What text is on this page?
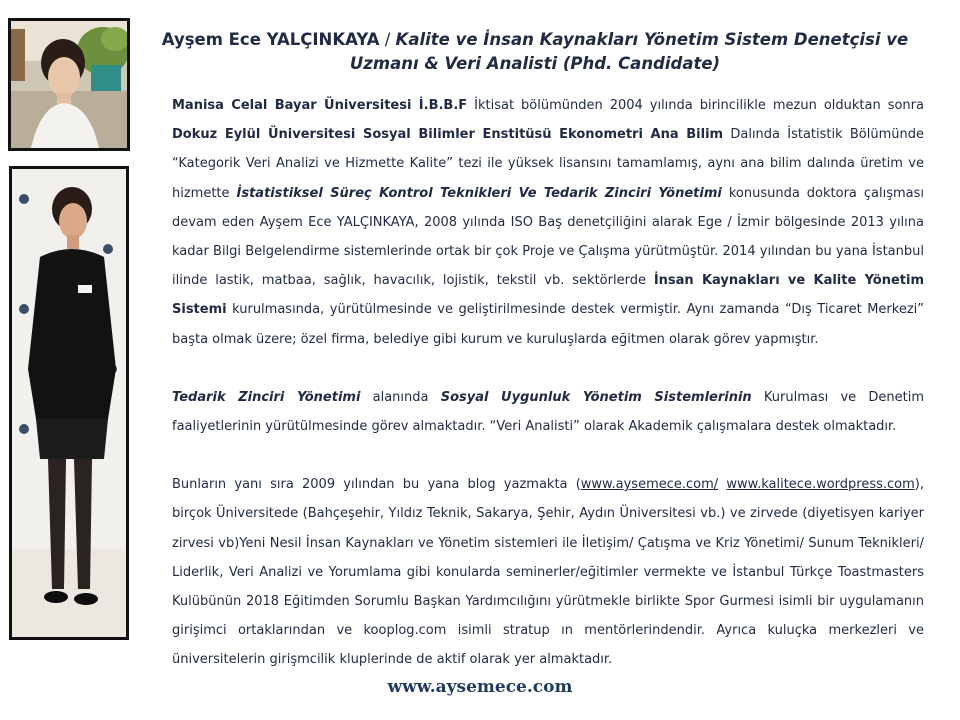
Ayşem Ece YALÇINKAYA / Kalite ve İnsan Kaynakları Yönetim Sistem Denetçisi ve Uzmanı & Veri Analisti (Phd. Candidate)

Manisa Celal Bayar Üniversitesi İ.B.B.F İktisat bölümünden 2004 yılında birincilikle mezun olduktan sonra Dokuz Eylül Üniversitesi Sosyal Bilimler Enstitüsü Ekonometri Ana Bilim Dalında İstatistik Bölümünde “Kategorik Veri Analizi ve Hizmette Kalite” tezi ile yüksek lisansını tamamlamış, aynı ana bilim dalında üretim ve hizmette İstatistiksel Süreç Kontrol Teknikleri Ve Tedarik Zinciri Yönetimi konusunda doktora çalışması devam eden Ayşem Ece YALÇINKAYA, 2008 yılında ISO Baş denetçiliğini alarak Ege / İzmir bölgesinde 2013 yılına kadar Bilgi Belgelendirme sistemlerinde ortak bir çok Proje ve Çalışma yürütmüştür. 2014 yılından bu yana İstanbul ilinde lastik, matbaa, sağlık, havacılık, lojistik, tekstil vb. sektörlerde İnsan Kaynakları ve Kalite Yönetim Sistemi kurulmasında, yürütülmesinde ve geliştirilmesinde destek vermiştir. Aynı zamanda “Dış Ticaret Merkezi” başta olmak üzere; özel firma, belediye gibi kurum ve kuruluşlarda eğitmen olarak görev yapmıştır.

Tedarik Zinciri Yönetimi alanında Sosyal Uygunluk Yönetim Sistemlerinin Kurulması ve Denetim faaliyetlerinin yürütülmesinde görev almaktadır. “Veri Analisti” olarak Akademik çalışmalara destek olmaktadır.

Bunların yanı sıra 2009 yılından bu yana blog yazmakta (www.aysemece.com/ www.kalitece.wordpress.com), birçok Üniversitede (Bahçeşehir, Yıldız Teknik, Sakarya, Şehir, Aydın Üniversitesi vb.) ve zirvede (diyetisyen kariyer zirvesi vb)Yeni Nesil İnsan Kaynakları ve Yönetim sistemleri ile İletişim/ Çatışma ve Kriz Yönetimi/ Sunum Teknikleri/ Liderlik, Veri Analizi ve Yorumlama gibi konularda seminerler/eğitimler vermekte ve İstanbul Türkçe Toastmasters Kulübünün 2018 Eğitimden Sorumlu Başkan Yardımcılığını yürütmekle birlikte Spor Gurmesi isimli bir uygulamanın girişimci ortaklarından ve kooplog.com isimli stratup ın mentörlerindendir. Ayrıca kuluçka merkezleri ve üniversitelerin girişmcilik kluplerinde de aktif olarak yer almaktadır.

www.aysemece.com
